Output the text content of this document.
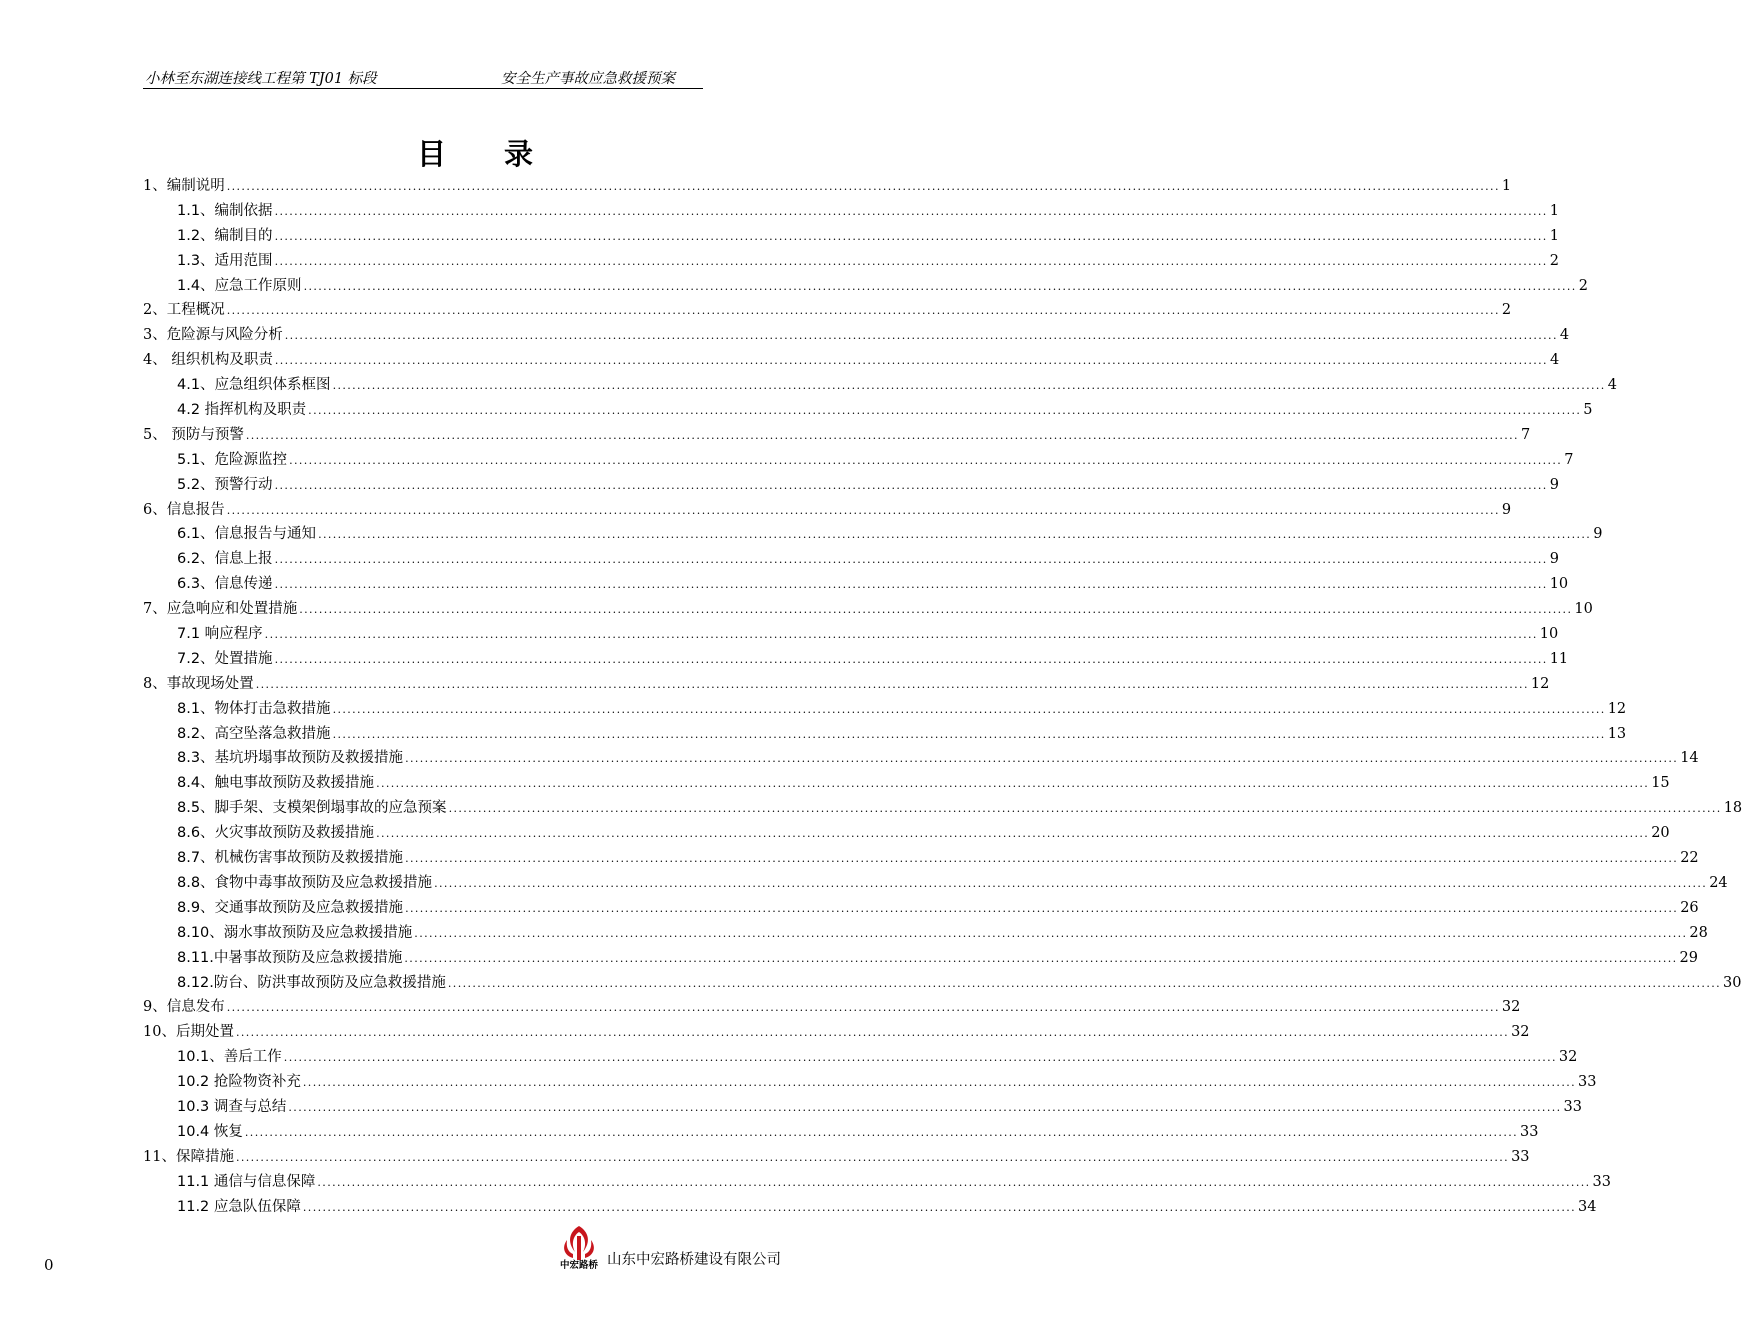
小林至东湖连接线工程第 TJ01 标段	安全生产事故应急救援预案
目 录
1、编制说明 .................................................................................................................................................................................................................................................................... 1
1.1、编制依据 .................................................................................................................................................................................................................................................................... 1
1.2、编制目的 .................................................................................................................................................................................................................................................................... 1
1.3、适用范围 .................................................................................................................................................................................................................................................................... 2
1.4、应急工作原则 .................................................................................................................................................................................................................................................................... 2
2、工程概况 .................................................................................................................................................................................................................................................................... 2
3、危险源与风险分析 .................................................................................................................................................................................................................................................................... 4
4、 组织机构及职责 .................................................................................................................................................................................................................................................................... 4
4.1、应急组织体系框图 .................................................................................................................................................................................................................................................................... 4
4.2 指挥机构及职责 .................................................................................................................................................................................................................................................................... 5
5、 预防与预警 .................................................................................................................................................................................................................................................................... 7
5.1、危险源监控 .................................................................................................................................................................................................................................................................... 7
5.2、预警行动 .................................................................................................................................................................................................................................................................... 9
6、信息报告 .................................................................................................................................................................................................................................................................... 9
6.1、信息报告与通知 .................................................................................................................................................................................................................................................................... 9
6.2、信息上报 .................................................................................................................................................................................................................................................................... 9
6.3、信息传递 .................................................................................................................................................................................................................................................................... 10
7、应急响应和处置措施 .................................................................................................................................................................................................................................................................... 10
7.1 响应程序 .................................................................................................................................................................................................................................................................... 10
7.2、处置措施 .................................................................................................................................................................................................................................................................... 11
8、事故现场处置 .................................................................................................................................................................................................................................................................... 12
8.1、物体打击急救措施 .................................................................................................................................................................................................................................................................... 12
8.2、高空坠落急救措施 .................................................................................................................................................................................................................................................................... 13
8.3、基坑坍塌事故预防及救援措施 .................................................................................................................................................................................................................................................................... 14
8.4、触电事故预防及救援措施 .................................................................................................................................................................................................................................................................... 15
8.5、脚手架、支模架倒塌事故的应急预案 .................................................................................................................................................................................................................................................................... 18
8.6、火灾事故预防及救援措施 .................................................................................................................................................................................................................................................................... 20
8.7、机械伤害事故预防及救援措施 .................................................................................................................................................................................................................................................................... 22
8.8、食物中毒事故预防及应急救援措施 .................................................................................................................................................................................................................................................................... 24
8.9、交通事故预防及应急救援措施 .................................................................................................................................................................................................................................................................... 26
8.10、溺水事故预防及应急救援措施 .................................................................................................................................................................................................................................................................... 28
8.11.中暑事故预防及应急救援措施 .................................................................................................................................................................................................................................................................... 29
8.12.防台、防洪事故预防及应急救援措施 .................................................................................................................................................................................................................................................................... 30
9、信息发布 .................................................................................................................................................................................................................................................................... 32
10、后期处置 .................................................................................................................................................................................................................................................................... 32
10.1、善后工作 .................................................................................................................................................................................................................................................................... 32
10.2 抢险物资补充 .................................................................................................................................................................................................................................................................... 33
10.3 调查与总结 .................................................................................................................................................................................................................................................................... 33
10.4 恢复 .................................................................................................................................................................................................................................................................... 33
11、保障措施 .................................................................................................................................................................................................................................................................... 33
11.1 通信与信息保障 .................................................................................................................................................................................................................................................................... 33
11.2 应急队伍保障 .................................................................................................................................................................................................................................................................... 34
0	中宏路桥 山东中宏路桥建设有限公司
